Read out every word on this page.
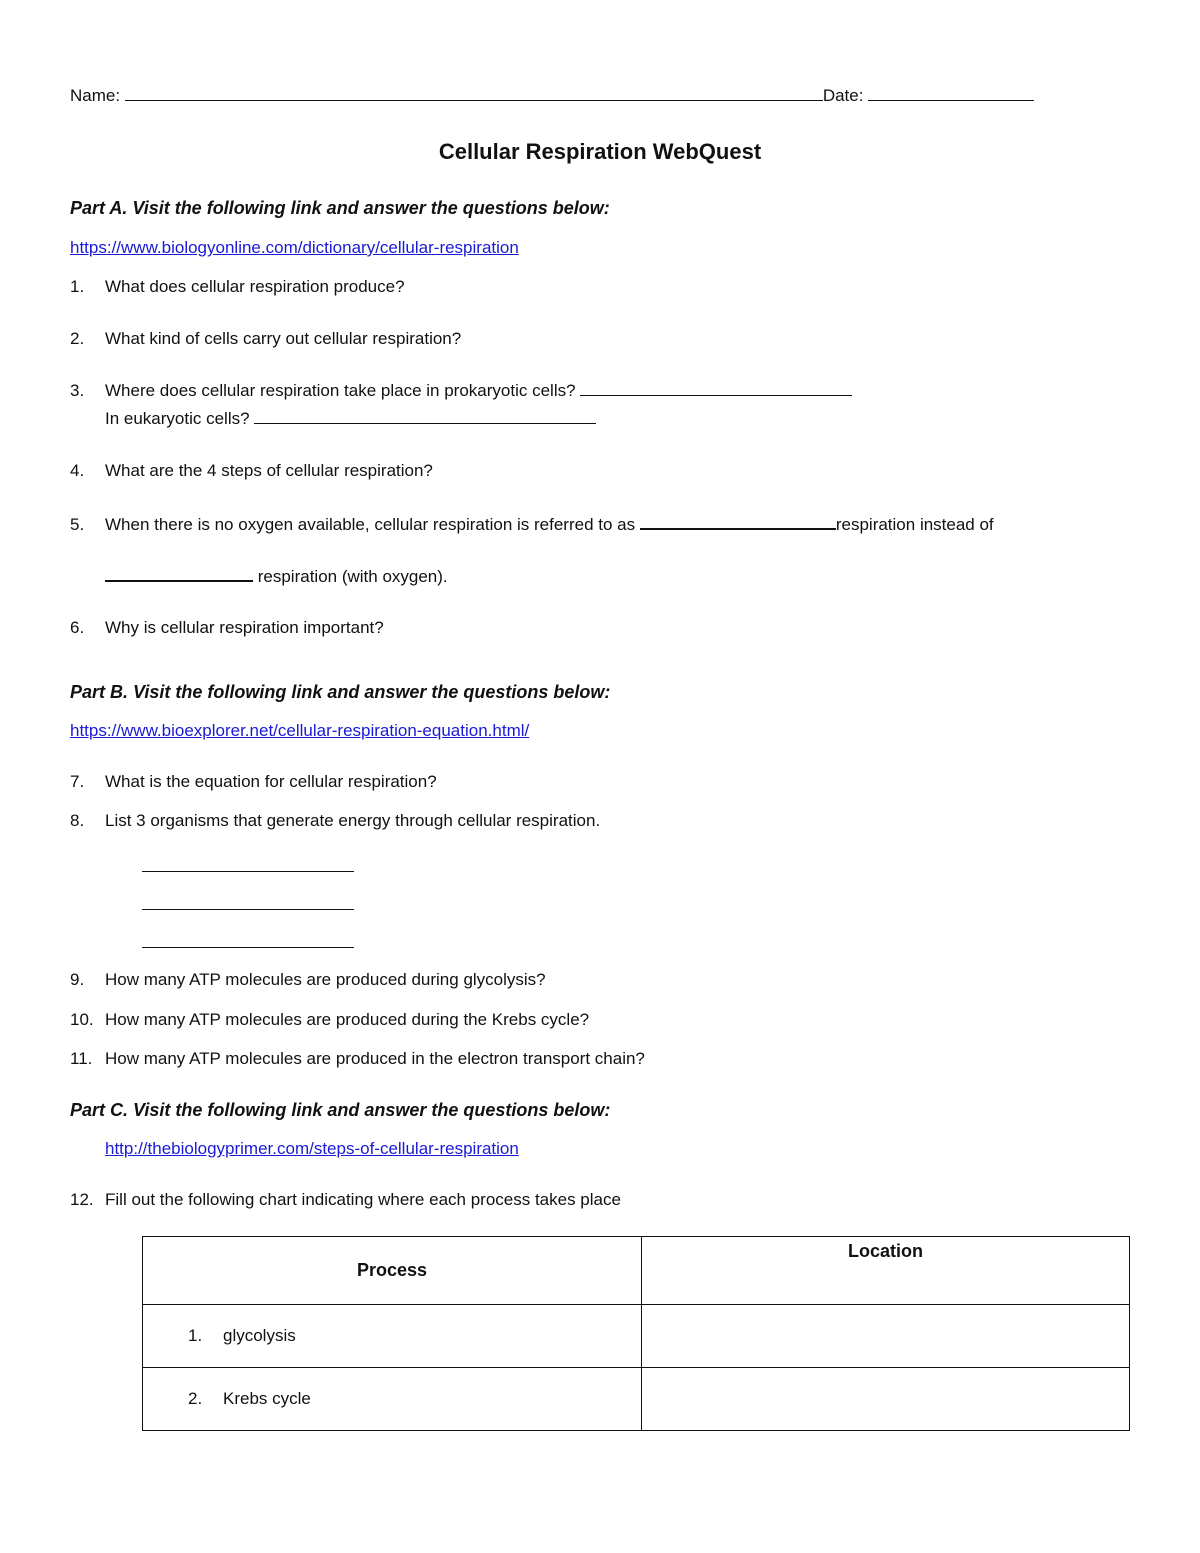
Name:	Date:
Cellular Respiration WebQuest
Part A. Visit the following link and answer the questions below:
https://www.biologyonline.com/dictionary/cellular-respiration
1. What does cellular respiration produce?
2. What kind of cells carry out cellular respiration?
3. Where does cellular respiration take place in prokaryotic cells?
In eukaryotic cells?
4. What are the 4 steps of cellular respiration?
5. When there is no oxygen available, cellular respiration is referred to as	respiration instead of
respiration (with oxygen).
6. Why is cellular respiration important?
Part B. Visit the following link and answer the questions below:
https://www.bioexplorer.net/cellular-respiration-equation.html/
7. What is the equation for cellular respiration?
8. List 3 organisms that generate energy through cellular respiration.
9. How many ATP molecules are produced during glycolysis?
10. How many ATP molecules are produced during the Krebs cycle?
11. How many ATP molecules are produced in the electron transport chain?
Part C. Visit the following link and answer the questions below:
http://thebiologyprimer.com/steps-of-cellular-respiration
12. Fill out the following chart indicating where each process takes place
Process	Location
1. glycolysis	
2. Krebs cycle	
